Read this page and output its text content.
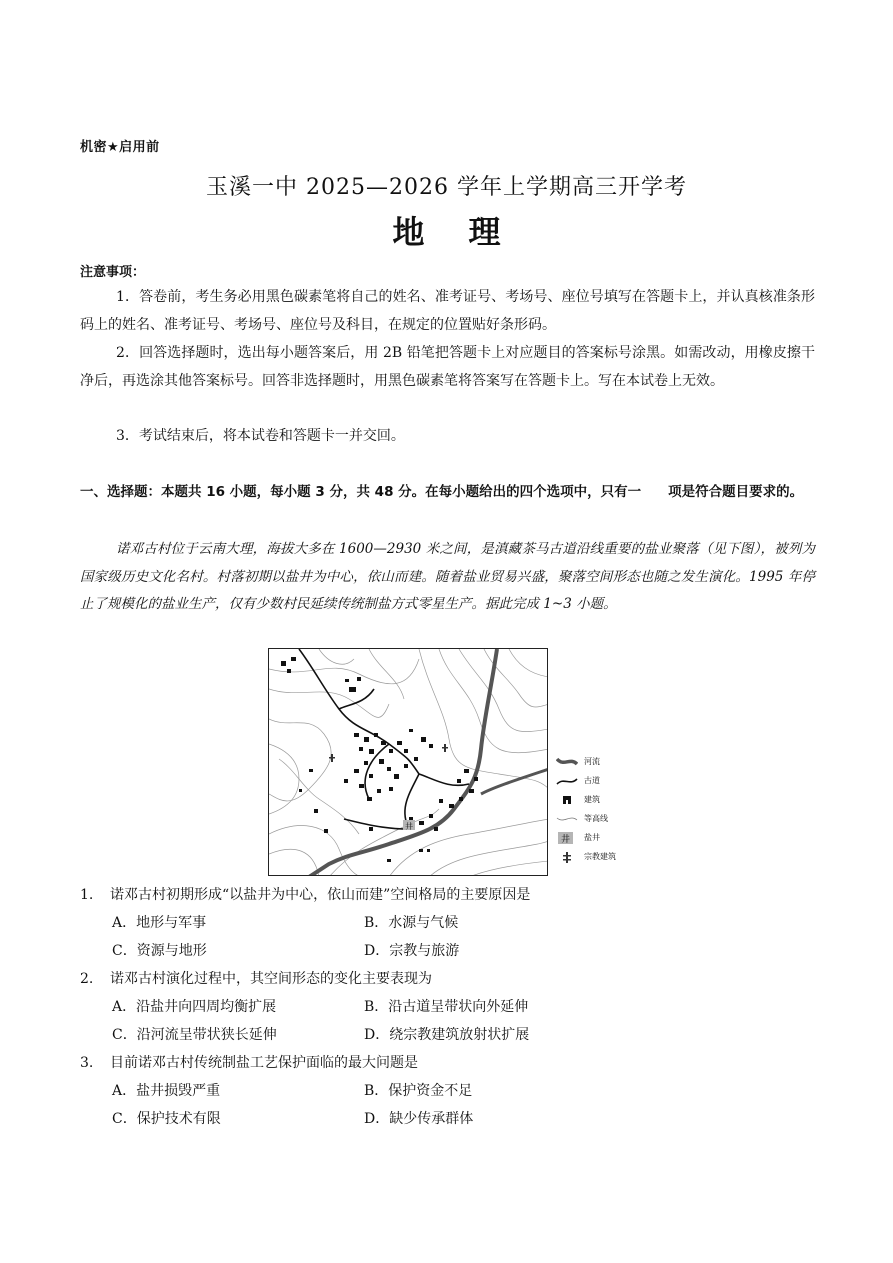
机密★启用前
玉溪一中 2025—2026 学年上学期高三开学考
地理
注意事项：
1．答卷前，考生务必用黑色碳素笔将自己的姓名、准考证号、考场号、座位号填写在答题卡上，并认真核准条形码上的姓名、准考证号、考场号、座位号及科目，在规定的位置贴好条形码。
2．回答选择题时，选出每小题答案后，用 2B 铅笔把答题卡上对应题目的答案标号涂黑。如需改动，用橡皮擦干净后，再选涂其他答案标号。回答非选择题时，用黑色碳素笔将答案写在答题卡上。写在本试卷上无效。
3．考试结束后，将本试卷和答题卡一并交回。
一、选择题：本题共 16 小题，每小题 3 分，共 48 分。在每小题给出的四个选项中，只有一　　项是符合题目要求的。
诺邓古村位于云南大理，海拔大多在 1600—2930 米之间，是滇藏茶马古道沿线重要的盐业聚落（见下图），被列为国家级历史文化名村。村落初期以盐井为中心，依山而建。随着盐业贸易兴盛，聚落空间形态也随之发生演化。1995 年停止了规模化的盐业生产，仅有少数村民延续传统制盐方式零星生产。据此完成 1~3 小题。
井
河流
古道
建筑
等高线
井 盐井
宗教建筑
1. 诺邓古村初期形成“以盐井为中心，依山而建”空间格局的主要原因是
A．地形与军事	B．水源与气候
C．资源与地形	D．宗教与旅游
2. 诺邓古村演化过程中，其空间形态的变化主要表现为
A．沿盐井向四周均衡扩展	B．沿古道呈带状向外延伸
C．沿河流呈带状狭长延伸	D．绕宗教建筑放射状扩展
3. 目前诺邓古村传统制盐工艺保护面临的最大问题是
A．盐井损毁严重	B．保护资金不足
C．保护技术有限	D．缺少传承群体
